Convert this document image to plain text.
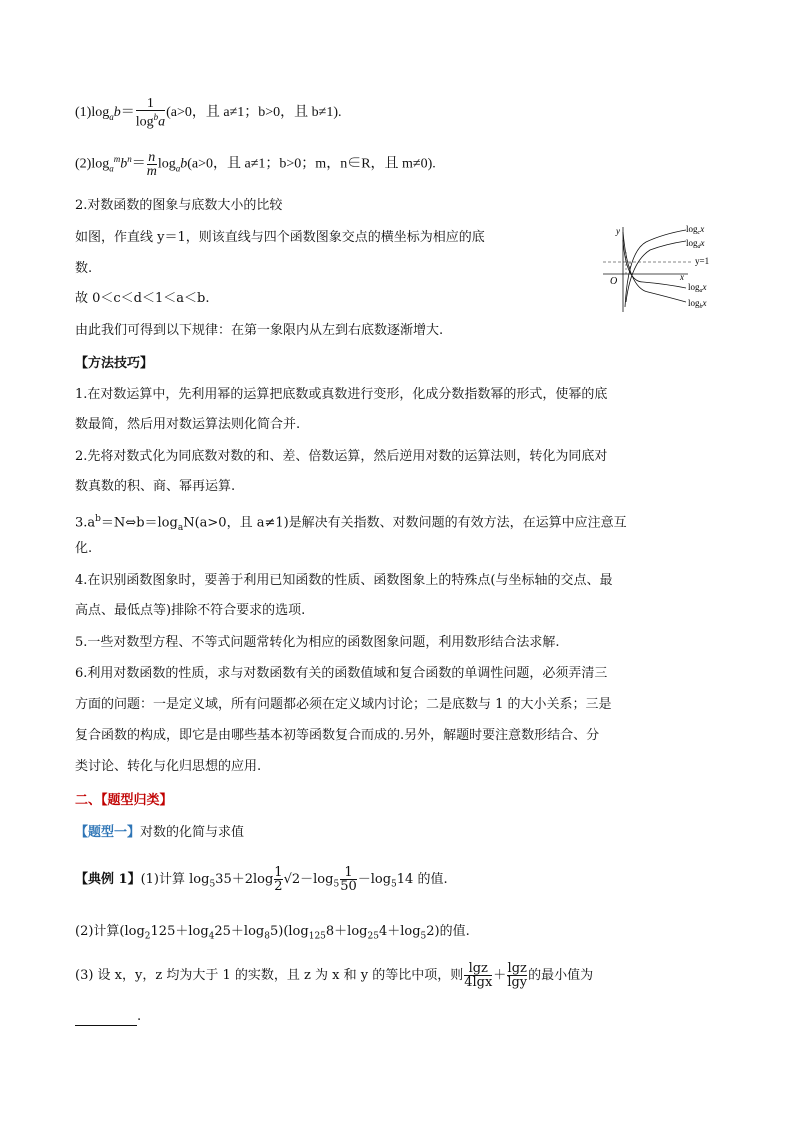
$(1)\log_ab= \frac{1}{\log^ba} (a>0$，且 a≠1；b>0，且 b≠1).
$(2)\log_a^mb^n= \frac{n}{m} \log_ab(a>0$，且 a≠1；b>0；m，n∈R，且 m≠0).
2.对数函数的图象与底数大小的比较
如图，作直线 y＝1，则该直线与四个函数图象交点的横坐标为相应的底
数.
故 0＜c＜d＜1＜a＜b.
由此我们可得到以下规律：在第一象限内从左到右底数逐渐增大.
y
x
O
y=1
$\log_cx$
$\log_dx$
$\log_ax$
$\log_bx$
【方法技巧】
1.在对数运算中，先利用幂的运算把底数或真数进行变形，化成分数指数幂的形式，使幂的底
数最简，然后用对数运算法则化简合并.
2.先将对数式化为同底数对数的和、差、倍数运算，然后逆用对数的运算法则，转化为同底对
数真数的积、商、幂再运算.
$3.a^b=N\Leftrightarrow b=\log_aN(a>0$，且 a≠1)是解决有关指数、对数问题的有效方法，在运算中应注意互
化.
4.在识别函数图象时，要善于利用已知函数的性质、函数图象上的特殊点(与坐标轴的交点、最
高点、最低点等)排除不符合要求的选项.
5.一些对数型方程、不等式问题常转化为相应的函数图象问题，利用数形结合法求解.
6.利用对数函数的性质，求与对数函数有关的函数值域和复合函数的单调性问题，必须弄清三
方面的问题：一是定义域，所有问题都必须在定义域内讨论；二是底数与 1 的大小关系；三是
复合函数的构成，即它是由哪些基本初等函数复合而成的.另外，解题时要注意数形结合、分
类讨论、转化与化归思想的应用.
二、【题型归类】
【题型一】对数的化简与求值
【典例 1】(1)计算 $\log_535+2\log \frac{1}{2} √2-\log_5 \frac{1}{50} -\log_514$ 的值.
(2)计算$(\log_2125+\log_425+\log_85)(\log_{125}8+\log_{25}4+\log_52)$的值.
(3) 设 x，y，z 均为大于 1 的实数，且 z 为 x 和 y 的等比中项，则 $\frac{\lg z}{4\lg x} + \frac{\lg z}{\lg y}$ 的最小值为
.
